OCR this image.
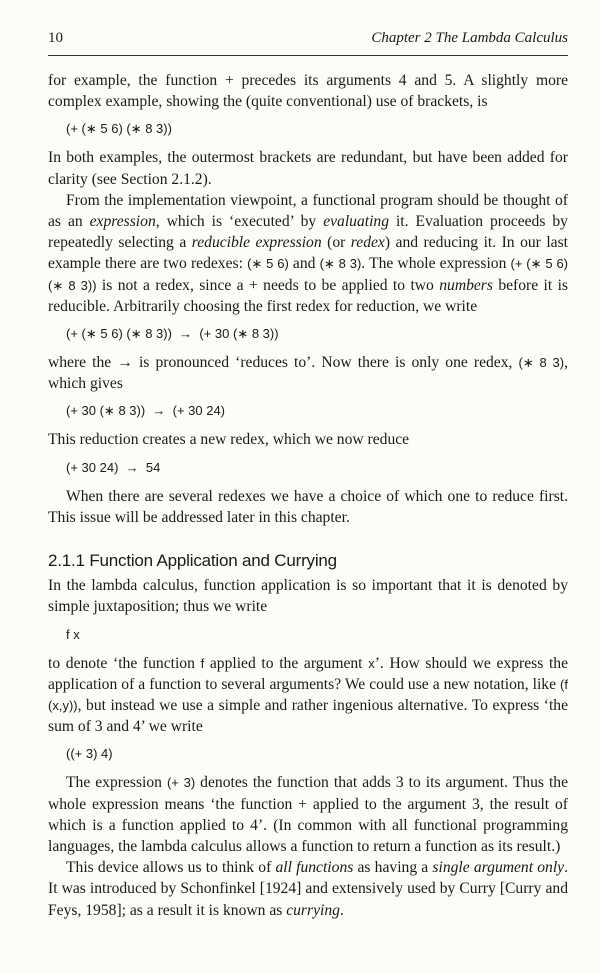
10	Chapter 2 The Lambda Calculus

for example, the function + precedes its arguments 4 and 5. A slightly more complex example, showing the (quite conventional) use of brackets, is

(+ (∗ 5 6) (∗ 8 3))

In both examples, the outermost brackets are redundant, but have been added for clarity (see Section 2.1.2).

From the implementation viewpoint, a functional program should be thought of as an expression, which is ‘executed’ by evaluating it. Evaluation proceeds by repeatedly selecting a reducible expression (or redex) and reducing it. In our last example there are two redexes: (∗ 5 6) and (∗ 8 3). The whole expression (+ (∗ 5 6) (∗ 8 3)) is not a redex, since a + needs to be applied to two numbers before it is reducible. Arbitrarily choosing the first redex for reduction, we write

(+ (∗ 5 6) (∗ 8 3))  →  (+ 30 (∗ 8 3))

where the → is pronounced ‘reduces to’. Now there is only one redex, (∗ 8 3), which gives

(+ 30 (∗ 8 3))  →  (+ 30 24)

This reduction creates a new redex, which we now reduce

(+ 30 24)  →  54

When there are several redexes we have a choice of which one to reduce first. This issue will be addressed later in this chapter.

2.1.1 Function Application and Currying

In the lambda calculus, function application is so important that it is denoted by simple juxtaposition; thus we write

f x

to denote ‘the function f applied to the argument x’. How should we express the application of a function to several arguments? We could use a new notation, like (f (x,y)), but instead we use a simple and rather ingenious alternative. To express ‘the sum of 3 and 4’ we write

((+ 3) 4)

The expression (+ 3) denotes the function that adds 3 to its argument. Thus the whole expression means ‘the function + applied to the argument 3, the result of which is a function applied to 4’. (In common with all functional programming languages, the lambda calculus allows a function to return a function as its result.)

This device allows us to think of all functions as having a single argument only. It was introduced by Schonfinkel [1924] and extensively used by Curry [Curry and Feys, 1958]; as a result it is known as currying.
